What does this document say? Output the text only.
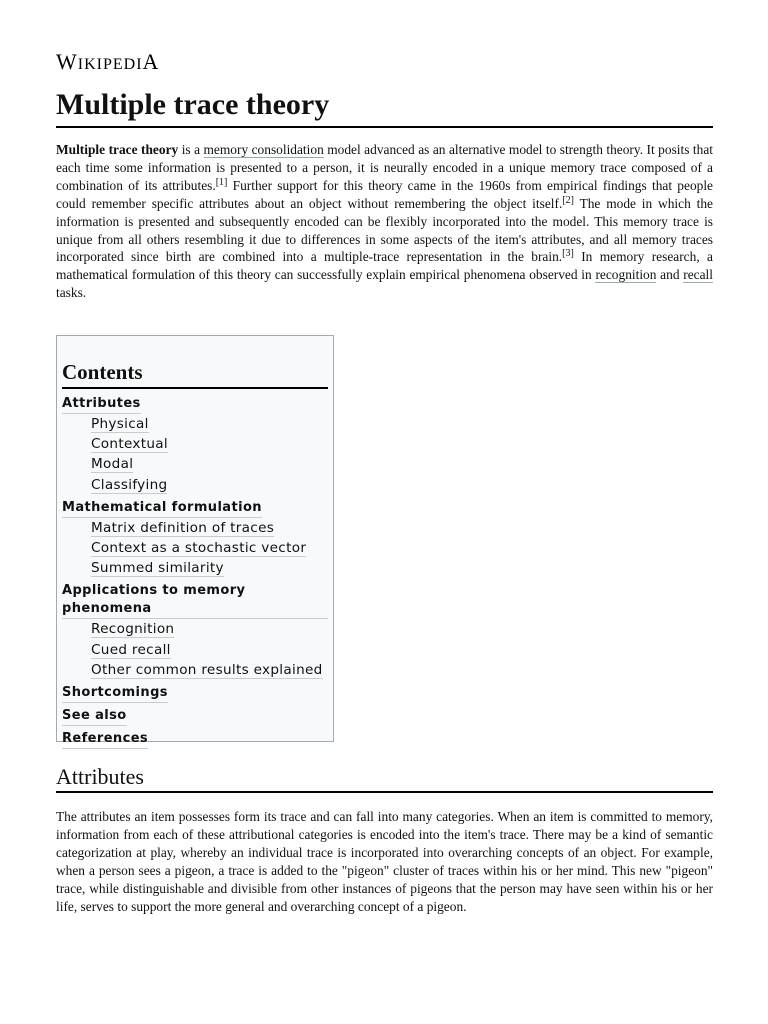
WIKIPEDIA
Multiple trace theory

Multiple trace theory is a memory consolidation model advanced as an alternative model to strength theory. It posits that each time some information is presented to a person, it is neurally encoded in a unique memory trace composed of a combination of its attributes.[1] Further support for this theory came in the 1960s from empirical findings that people could remember specific attributes about an object without remembering the object itself.[2] The mode in which the information is presented and subsequently encoded can be flexibly incorporated into the model. This memory trace is unique from all others resembling it due to differences in some aspects of the item's attributes, and all memory traces incorporated since birth are combined into a multiple-trace representation in the brain.[3] In memory research, a mathematical formulation of this theory can successfully explain empirical phenomena observed in recognition and recall tasks.

Contents
Attributes
Physical
Contextual
Modal
Classifying
Mathematical formulation
Matrix definition of traces
Context as a stochastic vector
Summed similarity
Applications to memory phenomena
Recognition
Cued recall
Other common results explained
Shortcomings
See also
References
Attributes

The attributes an item possesses form its trace and can fall into many categories. When an item is committed to memory, information from each of these attributional categories is encoded into the item's trace. There may be a kind of semantic categorization at play, whereby an individual trace is incorporated into overarching concepts of an object. For example, when a person sees a pigeon, a trace is added to the "pigeon" cluster of traces within his or her mind. This new "pigeon" trace, while distinguishable and divisible from other instances of pigeons that the person may have seen within his or her life, serves to support the more general and overarching concept of a pigeon.
